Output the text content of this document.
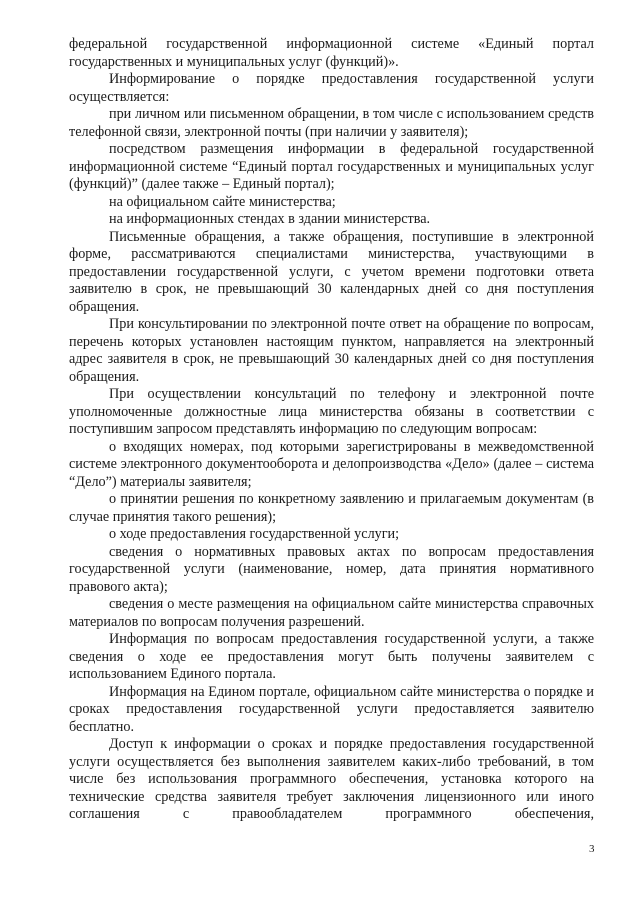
федеральной государственной информационной системе «Единый портал государственных и муниципальных услуг (функций)».

Информирование о порядке предоставления государственной услуги осуществляется:

при личном или письменном обращении, в том числе с использованием средств телефонной связи, электронной почты (при наличии у заявителя);

посредством размещения информации в федеральной государственной информационной системе “Единый портал государственных и муниципальных услуг (функций)” (далее также – Единый портал);

на официальном сайте министерства;

на информационных стендах в здании министерства.

Письменные обращения, а также обращения, поступившие в электронной форме, рассматриваются специалистами министерства, участвующими в предоставлении государственной услуги, с учетом времени подготовки ответа заявителю в срок, не превышающий 30 календарных дней со дня поступления обращения.

При консультировании по электронной почте ответ на обращение по вопросам, перечень которых установлен настоящим пунктом, направляется на электронный адрес заявителя в срок, не превышающий 30 календарных дней со дня поступления обращения.

При осуществлении консультаций по телефону и электронной почте уполномоченные должностные лица министерства обязаны в соответствии с поступившим запросом представлять информацию по следующим вопросам:

о входящих номерах, под которыми зарегистрированы в межведомственной системе электронного документооборота и делопроизводства «Дело» (далее – система “Дело”) материалы заявителя;

о принятии решения по конкретному заявлению и прилагаемым документам (в случае принятия такого решения);

о ходе предоставления государственной услуги;

сведения о нормативных правовых актах по вопросам предоставления государственной услуги (наименование, номер, дата принятия нормативного правового акта);

сведения о месте размещения на официальном сайте министерства справочных материалов по вопросам получения разрешений.

Информация по вопросам предоставления государственной услуги, а также сведения о ходе ее предоставления могут быть получены заявителем с использованием Единого портала.

Информация на Едином портале, официальном сайте министерства о порядке и сроках предоставления государственной услуги предоставляется заявителю бесплатно.

Доступ к информации о сроках и порядке предоставления государственной услуги осуществляется без выполнения заявителем каких-либо требований, в том числе без использования программного обеспечения, установка которого на технические средства заявителя требует заключения лицензионного или иного соглашения с правообладателем программного обеспечения,

3
